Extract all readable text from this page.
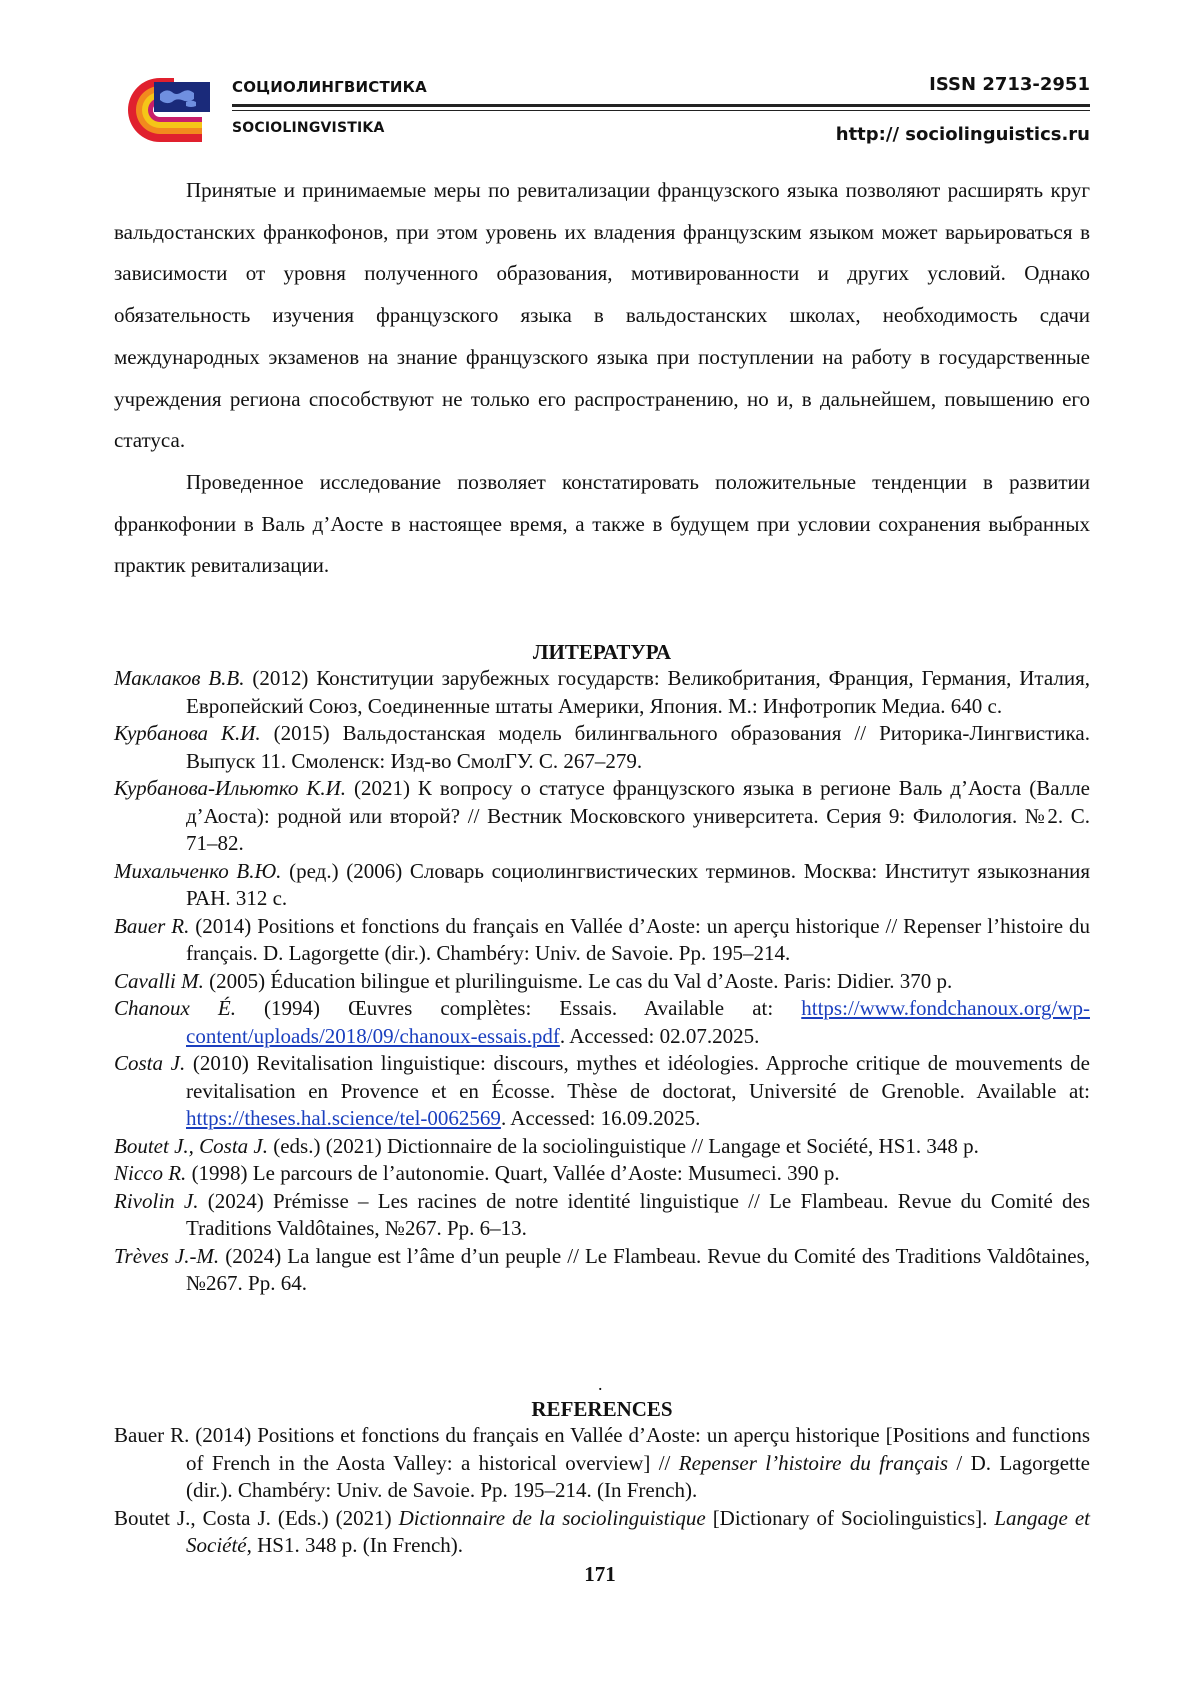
СОЦИОЛИНГВИСТИКА
SOCIOLINGVISTIKA
ISSN 2713-2951
http:// sociolinguistics.ru

Принятые и принимаемые меры по ревитализации французского языка позволяют расширять круг вальдостанских франкофонов, при этом уровень их владения французским языком может варьироваться в зависимости от уровня полученного образования, мотивированности и других условий. Однако обязательность изучения французского языка в вальдостанских школах, необходимость сдачи международных экзаменов на знание французского языка при поступлении на работу в государственные учреждения региона способствуют не только его распространению, но и, в дальнейшем, повышению его статуса.

Проведенное исследование позволяет констатировать положительные тенденции в развитии франкофонии в Валь д’Аосте в настоящее время, а также в будущем при условии сохранения выбранных практик ревитализации.

ЛИТЕРАТУРА

Маклаков В.В. (2012) Конституции зарубежных государств: Великобритания, Франция, Германия, Италия, Европейский Союз, Соединенные штаты Америки, Япония. М.: Инфотропик Медиа. 640 с.

Курбанова К.И. (2015) Вальдостанская модель билингвального образования // Риторика-Лингвистика. Выпуск 11. Смоленск: Изд-во СмолГУ. С. 267–279.

Курбанова-Ильютко К.И. (2021) К вопросу о статусе французского языка в регионе Валь д’Аоста (Валле д’Аоста): родной или второй? // Вестник Московского университета. Серия 9: Филология. №2. С. 71–82.

Михальченко В.Ю. (ред.) (2006) Словарь социолингвистических терминов. Москва: Институт языкознания РАН. 312 с.

Bauer R. (2014) Positions et fonctions du français en Vallée d’Aoste: un aperçu historique // Repenser l’histoire du français. D. Lagorgette (dir.). Chambéry: Univ. de Savoie. Pp. 195–214.

Cavalli M. (2005) Éducation bilingue et plurilinguisme. Le cas du Val d’Aoste. Paris: Didier. 370 p.

Chanoux É. (1994) Œuvres complètes: Essais. Available at: https://www.fondchanoux.org/wp-content/uploads/2018/09/chanoux-essais.pdf. Accessed: 02.07.2025.

Costa J. (2010) Revitalisation linguistique: discours, mythes et idéologies. Approche critique de mouvements de revitalisation en Provence et en Écosse. Thèse de doctorat, Université de Grenoble. Available at: https://theses.hal.science/tel-0062569. Accessed: 16.09.2025.

Boutet J., Costa J. (eds.) (2021) Dictionnaire de la sociolinguistique // Langage et Société, HS1. 348 p.

Nicco R. (1998) Le parcours de l’autonomie. Quart, Vallée d’Aoste: Musumeci. 390 p.

Rivolin J. (2024) Prémisse – Les racines de notre identité linguistique // Le Flambeau. Revue du Comité des Traditions Valdôtaines, №267. Pp. 6–13.

Trèves J.-M. (2024) La langue est l’âme d’un peuple // Le Flambeau. Revue du Comité des Traditions Valdôtaines, №267. Pp. 64.

.
REFERENCES

Bauer R. (2014) Positions et fonctions du français en Vallée d’Aoste: un aperçu historique [Positions and functions of French in the Aosta Valley: a historical overview] // Repenser l’histoire du français / D. Lagorgette (dir.). Chambéry: Univ. de Savoie. Pp. 195–214. (In French).

Boutet J., Costa J. (Eds.) (2021) Dictionnaire de la sociolinguistique [Dictionary of Sociolinguistics]. Langage et Société, HS1. 348 p. (In French).

171
